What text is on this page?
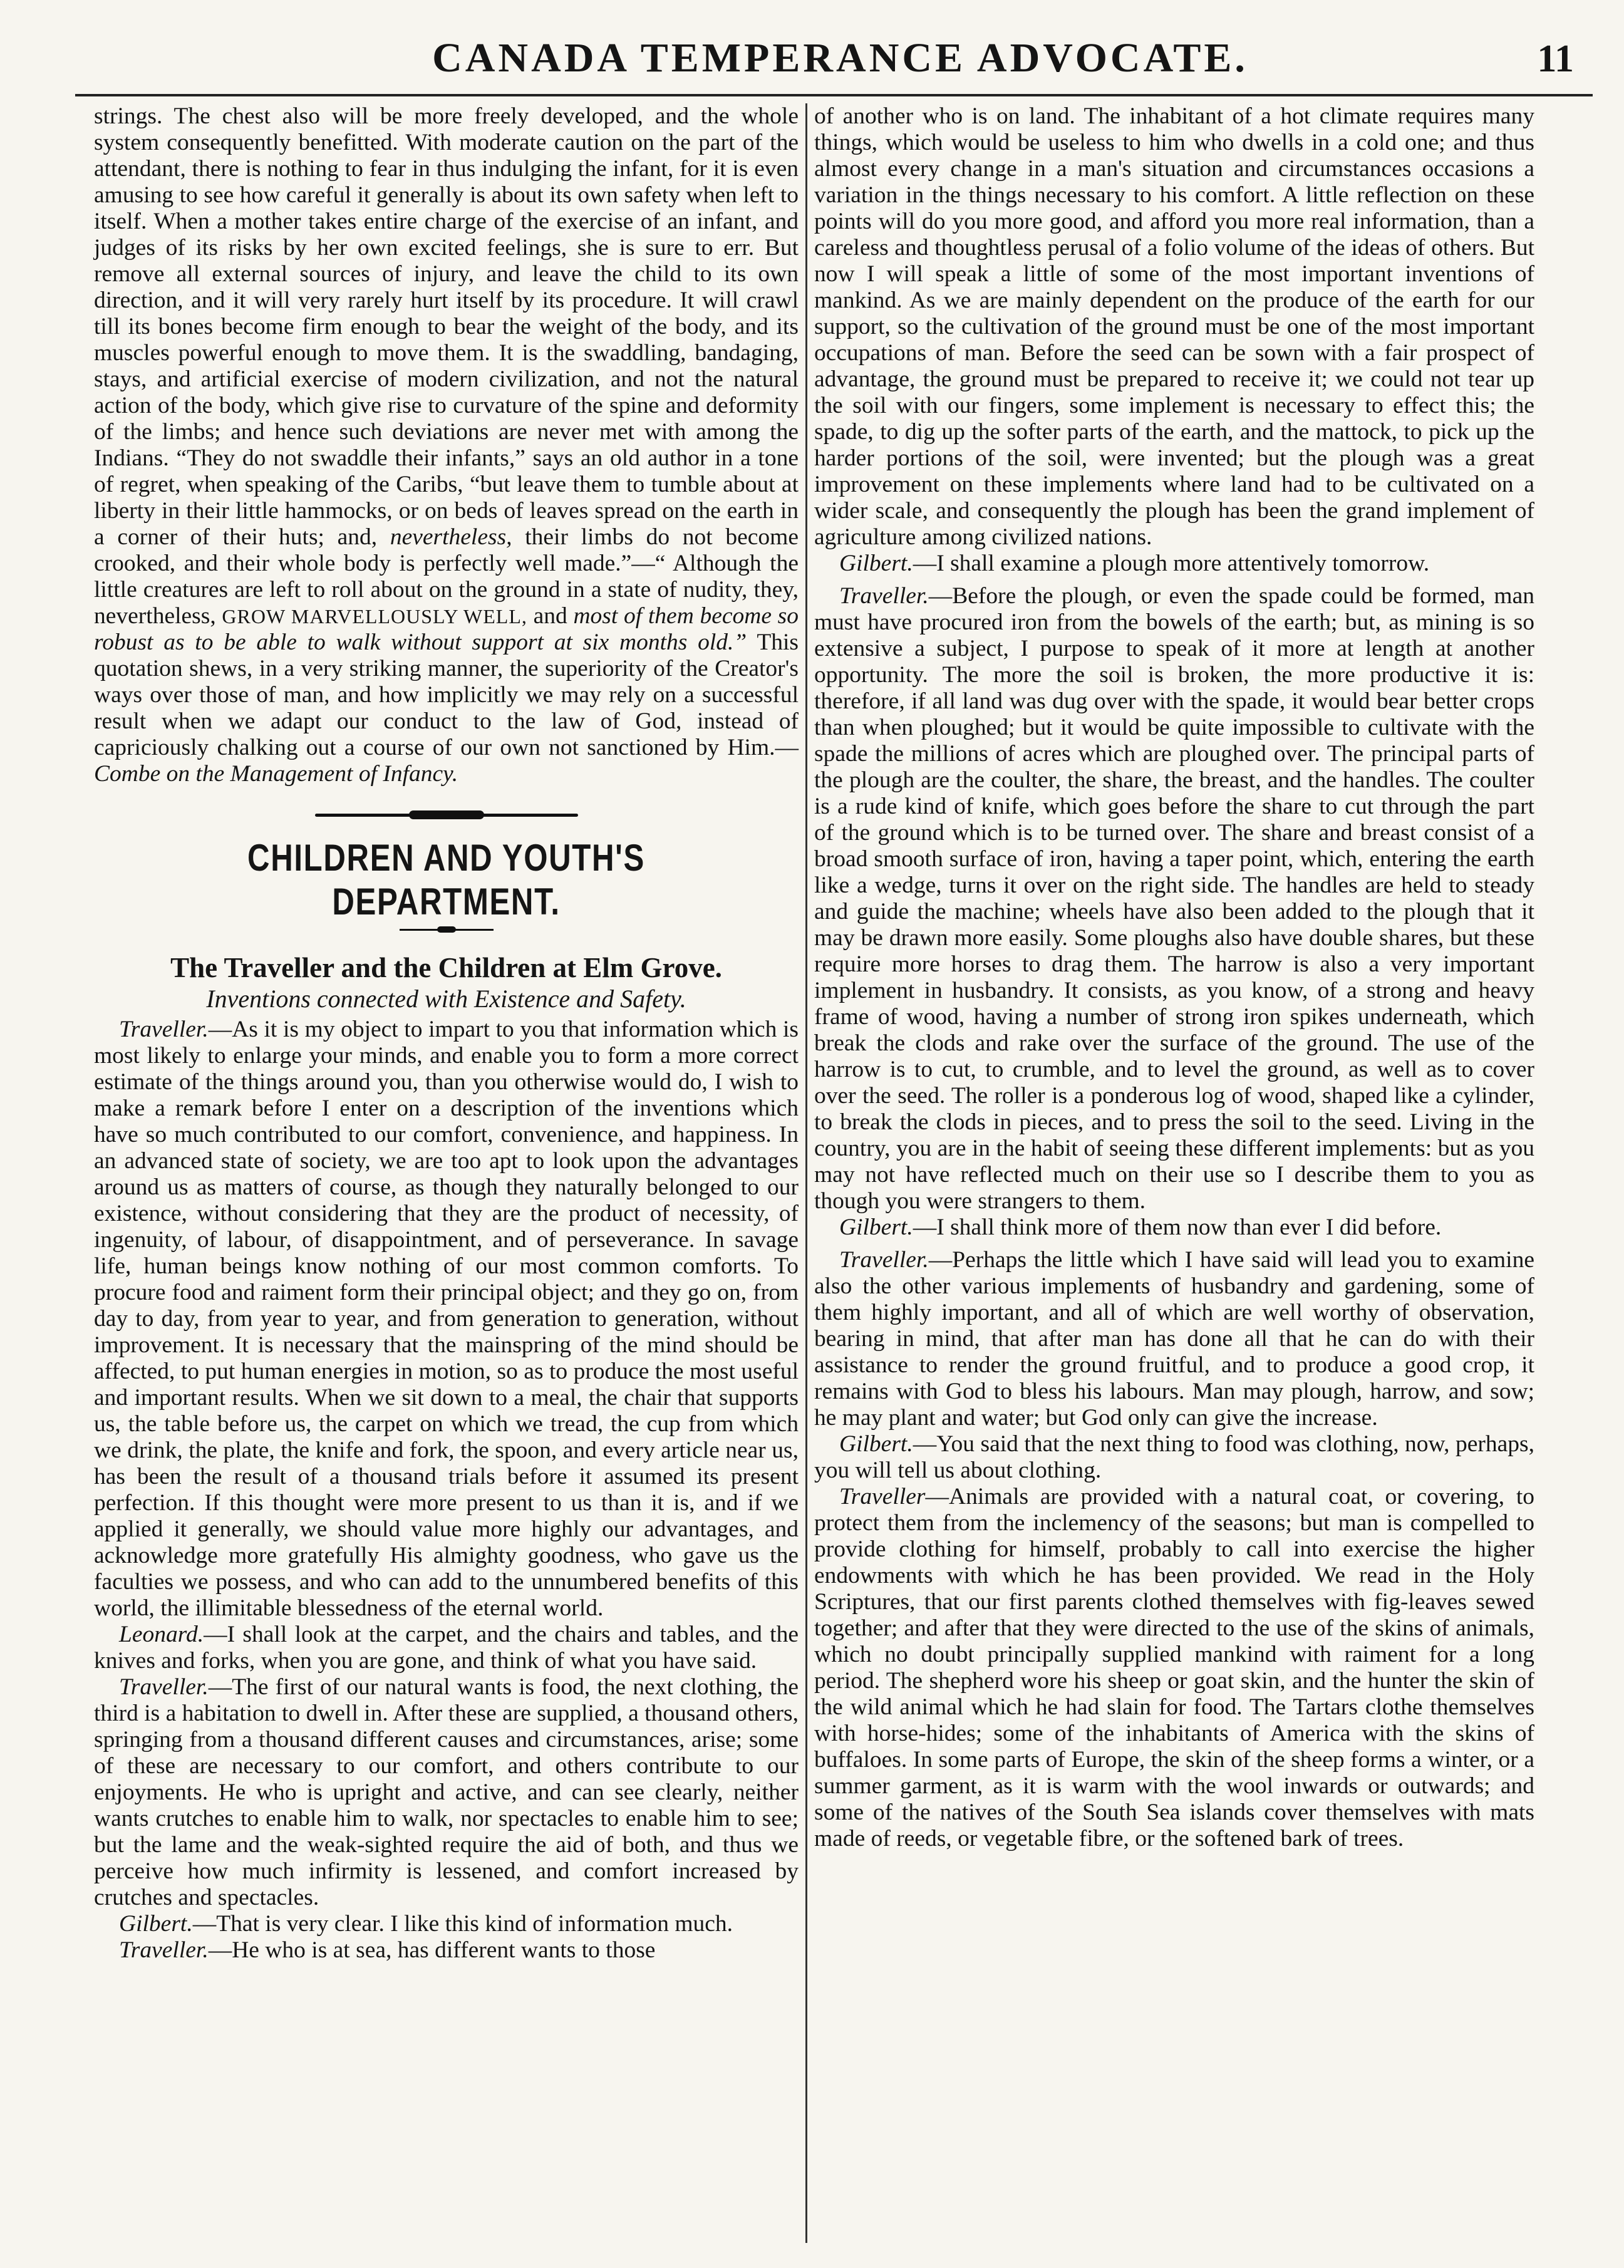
CANADA TEMPERANCE ADVOCATE.	11

strings. The chest also will be more freely developed, and the whole system consequently benefitted. With moderate caution on the part of the attendant, there is nothing to fear in thus indulging the infant, for it is even amusing to see how careful it generally is about its own safety when left to itself. When a mother takes entire charge of the exercise of an infant, and judges of its risks by her own excited feelings, she is sure to err. But remove all external sources of injury, and leave the child to its own direction, and it will very rarely hurt itself by its procedure. It will crawl till its bones become firm enough to bear the weight of the body, and its muscles powerful enough to move them. It is the swaddling, bandaging, stays, and artificial exercise of modern civilization, and not the natural action of the body, which give rise to curvature of the spine and deformity of the limbs; and hence such deviations are never met with among the Indians. “They do not swaddle their infants,” says an old author in a tone of regret, when speaking of the Caribs, “but leave them to tumble about at liberty in their little hammocks, or on beds of leaves spread on the earth in a corner of their huts; and, nevertheless, their limbs do not become crooked, and their whole body is perfectly well made.”—“ Although the little creatures are left to roll about on the ground in a state of nudity, they, nevertheless, GROW MARVELLOUSLY WELL, and most of them become so robust as to be able to walk without support at six months old.” This quotation shews, in a very striking manner, the superiority of the Creator's ways over those of man, and how implicitly we may rely on a successful result when we adapt our conduct to the law of God, instead of capriciously chalking out a course of our own not sanctioned by Him.—Combe on the Management of Infancy.

CHILDREN AND YOUTH'S DEPARTMENT.
The Traveller and the Children at Elm Grove.
Inventions connected with Existence and Safety.

Traveller.—As it is my object to impart to you that information which is most likely to enlarge your minds, and enable you to form a more correct estimate of the things around you, than you otherwise would do, I wish to make a remark before I enter on a description of the inventions which have so much contributed to our comfort, convenience, and happiness. In an advanced state of society, we are too apt to look upon the advantages around us as matters of course, as though they naturally belonged to our existence, without considering that they are the product of necessity, of ingenuity, of labour, of disappointment, and of perseverance. In savage life, human beings know nothing of our most common comforts. To procure food and raiment form their principal object; and they go on, from day to day, from year to year, and from generation to generation, without improvement. It is necessary that the mainspring of the mind should be affected, to put human energies in motion, so as to produce the most useful and important results. When we sit down to a meal, the chair that supports us, the table before us, the carpet on which we tread, the cup from which we drink, the plate, the knife and fork, the spoon, and every article near us, has been the result of a thousand trials before it assumed its present perfection. If this thought were more present to us than it is, and if we applied it generally, we should value more highly our advantages, and acknowledge more gratefully His almighty goodness, who gave us the faculties we possess, and who can add to the unnumbered benefits of this world, the illimitable blessedness of the eternal world.

Leonard.—I shall look at the carpet, and the chairs and tables, and the knives and forks, when you are gone, and think of what you have said.

Traveller.—The first of our natural wants is food, the next clothing, the third is a habitation to dwell in. After these are supplied, a thousand others, springing from a thousand different causes and circumstances, arise; some of these are necessary to our comfort, and others contribute to our enjoyments. He who is upright and active, and can see clearly, neither wants crutches to enable him to walk, nor spectacles to enable him to see; but the lame and the weak-sighted require the aid of both, and thus we perceive how much infirmity is lessened, and comfort increased by crutches and spectacles.

Gilbert.—That is very clear. I like this kind of information much.

Traveller.—He who is at sea, has different wants to those

of another who is on land. The inhabitant of a hot climate requires many things, which would be useless to him who dwells in a cold one; and thus almost every change in a man's situation and circumstances occasions a variation in the things necessary to his comfort. A little reflection on these points will do you more good, and afford you more real information, than a careless and thoughtless perusal of a folio volume of the ideas of others. But now I will speak a little of some of the most important inventions of mankind. As we are mainly dependent on the produce of the earth for our support, so the cultivation of the ground must be one of the most important occupations of man. Before the seed can be sown with a fair prospect of advantage, the ground must be prepared to receive it; we could not tear up the soil with our fingers, some implement is necessary to effect this; the spade, to dig up the softer parts of the earth, and the mattock, to pick up the harder portions of the soil, were invented; but the plough was a great improvement on these implements where land had to be cultivated on a wider scale, and consequently the plough has been the grand implement of agriculture among civilized nations.

Gilbert.—I shall examine a plough more attentively tomorrow.

Traveller.—Before the plough, or even the spade could be formed, man must have procured iron from the bowels of the earth; but, as mining is so extensive a subject, I purpose to speak of it more at length at another opportunity. The more the soil is broken, the more productive it is: therefore, if all land was dug over with the spade, it would bear better crops than when ploughed; but it would be quite impossible to cultivate with the spade the millions of acres which are ploughed over. The principal parts of the plough are the coulter, the share, the breast, and the handles. The coulter is a rude kind of knife, which goes before the share to cut through the part of the ground which is to be turned over. The share and breast consist of a broad smooth surface of iron, having a taper point, which, entering the earth like a wedge, turns it over on the right side. The handles are held to steady and guide the machine; wheels have also been added to the plough that it may be drawn more easily. Some ploughs also have double shares, but these require more horses to drag them. The harrow is also a very important implement in husbandry. It consists, as you know, of a strong and heavy frame of wood, having a number of strong iron spikes underneath, which break the clods and rake over the surface of the ground. The use of the harrow is to cut, to crumble, and to level the ground, as well as to cover over the seed. The roller is a ponderous log of wood, shaped like a cylinder, to break the clods in pieces, and to press the soil to the seed. Living in the country, you are in the habit of seeing these different implements: but as you may not have reflected much on their use so I describe them to you as though you were strangers to them.

Gilbert.—I shall think more of them now than ever I did before.

Traveller.—Perhaps the little which I have said will lead you to examine also the other various implements of husbandry and gardening, some of them highly important, and all of which are well worthy of observation, bearing in mind, that after man has done all that he can do with their assistance to render the ground fruitful, and to produce a good crop, it remains with God to bless his labours. Man may plough, harrow, and sow; he may plant and water; but God only can give the increase.

Gilbert.—You said that the next thing to food was clothing, now, perhaps, you will tell us about clothing.

Traveller—Animals are provided with a natural coat, or covering, to protect them from the inclemency of the seasons; but man is compelled to provide clothing for himself, probably to call into exercise the higher endowments with which he has been provided. We read in the Holy Scriptures, that our first parents clothed themselves with fig-leaves sewed together; and after that they were directed to the use of the skins of animals, which no doubt principally supplied mankind with raiment for a long period. The shepherd wore his sheep or goat skin, and the hunter the skin of the wild animal which he had slain for food. The Tartars clothe themselves with horse-hides; some of the inhabitants of America with the skins of buffaloes. In some parts of Europe, the skin of the sheep forms a winter, or a summer garment, as it is warm with the wool inwards or outwards; and some of the natives of the South Sea islands cover themselves with mats made of reeds, or vegetable fibre, or the softened bark of trees.
